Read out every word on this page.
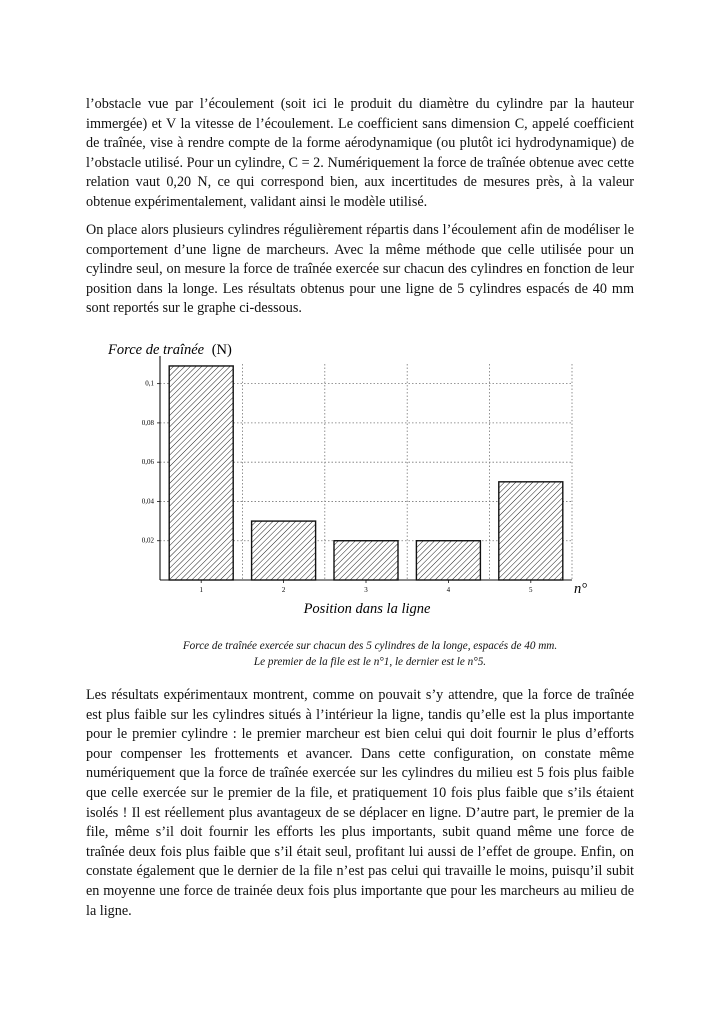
l’obstacle vue par l’écoulement (soit ici le produit du diamètre du cylindre par la hauteur immergée) et V la vitesse de l’écoulement. Le coefficient sans dimension C, appelé coefficient de traînée, vise à rendre compte de la forme aérodynamique (ou plutôt ici hydrodynamique) de l’obstacle utilisé. Pour un cylindre, C = 2. Numériquement la force de traînée obtenue avec cette relation vaut 0,20 N, ce qui correspond bien, aux incertitudes de mesures près, à la valeur obtenue expérimentalement, validant ainsi le modèle utilisé.

On place alors plusieurs cylindres régulièrement répartis dans l’écoulement afin de modéliser le comportement d’une ligne de marcheurs. Avec la même méthode que celle utilisée pour un cylindre seul, on mesure la force de traînée exercée sur chacun des cylindres en fonction de leur position dans la longe. Les résultats obtenus pour une ligne de 5 cylindres espacés de 40 mm sont reportés sur le graphe ci-dessous.

Force de traînée (N)
0,02
0,04
0,06
0,08
0,1
1	2	3	4	5	n°
Position dans la ligne
Force de traînée exercée sur chacun des 5 cylindres de la longe, espacés de 40 mm.
Le premier de la file est le n°1, le dernier est le n°5.

Les résultats expérimentaux montrent, comme on pouvait s’y attendre, que la force de traînée est plus faible sur les cylindres situés à l’intérieur la ligne, tandis qu’elle est la plus importante pour le premier cylindre : le premier marcheur est bien celui qui doit fournir le plus d’efforts pour compenser les frottements et avancer. Dans cette configuration, on constate même numériquement que la force de traînée exercée sur les cylindres du milieu est 5 fois plus faible que celle exercée sur le premier de la file, et pratiquement 10 fois plus faible que s’ils étaient isolés ! Il est réellement plus avantageux de se déplacer en ligne. D’autre part, le premier de la file, même s’il doit fournir les efforts les plus importants, subit quand même une force de traînée deux fois plus faible que s’il était seul, profitant lui aussi de l’effet de groupe. Enfin, on constate également que le dernier de la file n’est pas celui qui travaille le moins, puisqu’il subit en moyenne une force de trainée deux fois plus importante que pour les marcheurs au milieu de la ligne.
